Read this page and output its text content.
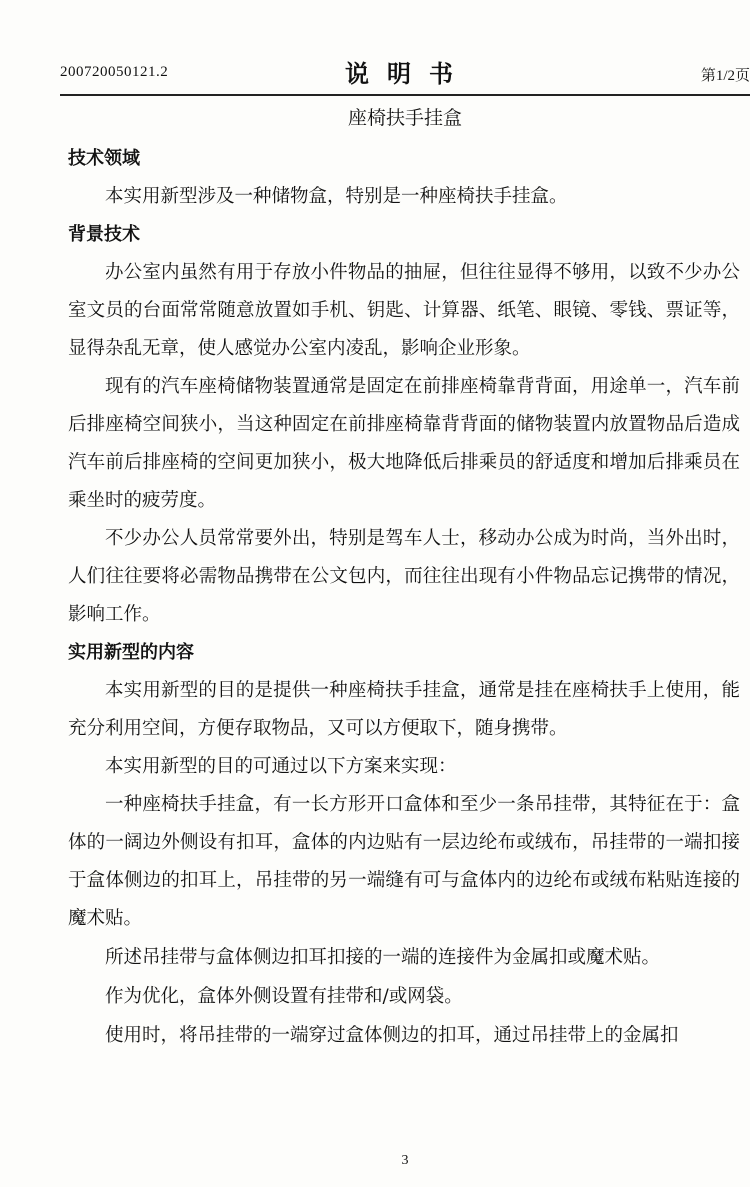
200720050121.2	说明书	第1/2页
座椅扶手挂盒

技术领域

本实用新型涉及一种储物盒，特别是一种座椅扶手挂盒。

背景技术

办公室内虽然有用于存放小件物品的抽屉，但往往显得不够用，以致不少办公室文员的台面常常随意放置如手机、钥匙、计算器、纸笔、眼镜、零钱、票证等，显得杂乱无章，使人感觉办公室内凌乱，影响企业形象。

现有的汽车座椅储物装置通常是固定在前排座椅靠背背面，用途单一，汽车前后排座椅空间狭小，当这种固定在前排座椅靠背背面的储物装置内放置物品后造成汽车前后排座椅的空间更加狭小，极大地降低后排乘员的舒适度和增加后排乘员在乘坐时的疲劳度。

不少办公人员常常要外出，特别是驾车人士，移动办公成为时尚，当外出时，人们往往要将必需物品携带在公文包内，而往往出现有小件物品忘记携带的情况，影响工作。

实用新型的内容

本实用新型的目的是提供一种座椅扶手挂盒，通常是挂在座椅扶手上使用，能充分利用空间，方便存取物品，又可以方便取下，随身携带。

本实用新型的目的可通过以下方案来实现：

一种座椅扶手挂盒，有一长方形开口盒体和至少一条吊挂带，其特征在于：盒体的一阔边外侧设有扣耳，盒体的内边贴有一层边纶布或绒布，吊挂带的一端扣接于盒体侧边的扣耳上，吊挂带的另一端缝有可与盒体内的边纶布或绒布粘贴连接的魔术贴。

所述吊挂带与盒体侧边扣耳扣接的一端的连接件为金属扣或魔术贴。

作为优化，盒体外侧设置有挂带和/或网袋。

使用时，将吊挂带的一端穿过盒体侧边的扣耳，通过吊挂带上的金属扣

3
